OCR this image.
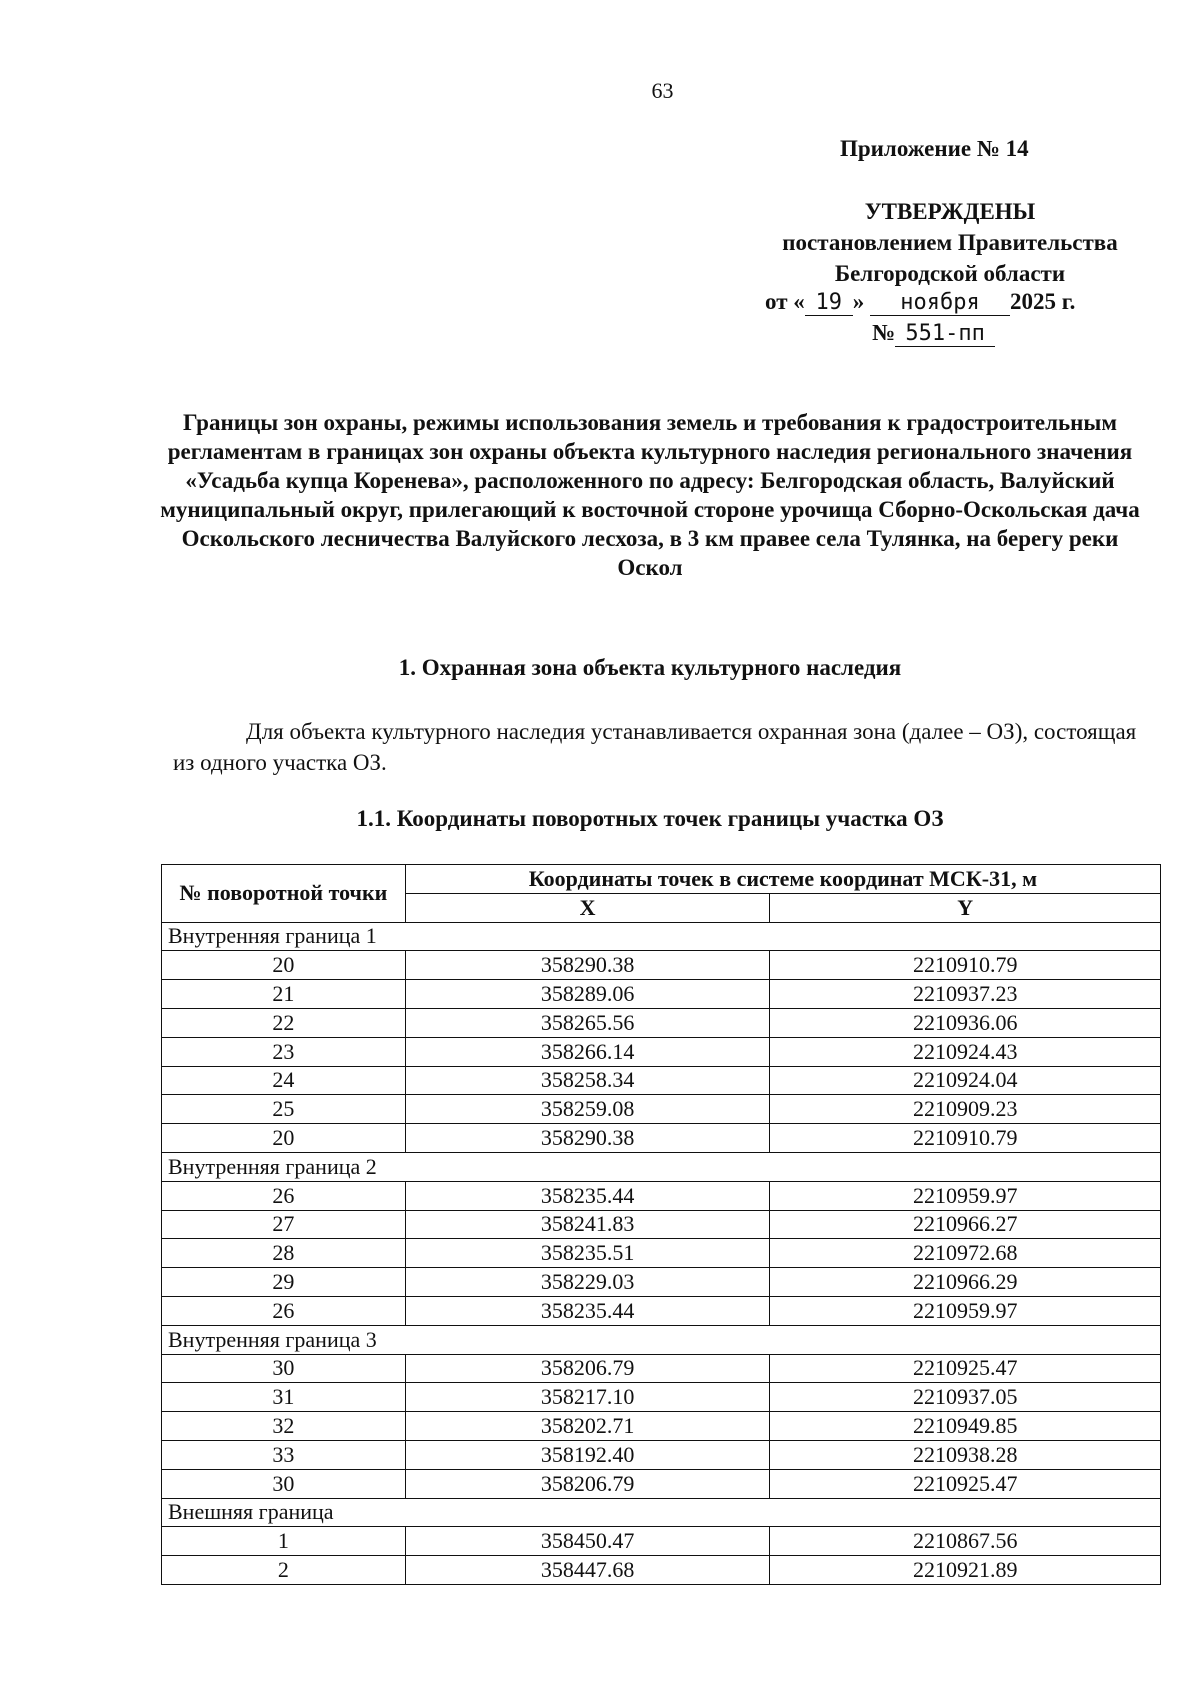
63
Приложение № 14
УТВЕРЖДЕНЫ
постановлением Правительства
Белгородской области
от « 19 » ноября 2025 г.
№ 551-пп
Границы зон охраны, режимы использования земель и требования к градостроительным регламентам в границах зон охраны объекта культурного наследия регионального значения «Усадьба купца Коренева», расположенного по адресу: Белгородская область, Валуйский муниципальный округ, прилегающий к восточной стороне урочища Сборно-Оскольская дача Оскольского лесничества Валуйского лесхоза, в 3 км правее села Тулянка, на берегу реки Оскол
1. Охранная зона объекта культурного наследия
Для объекта культурного наследия устанавливается охранная зона (далее – ОЗ), состоящая из одного участка ОЗ.
1.1. Координаты поворотных точек границы участка ОЗ
№ поворотной точки	Координаты точек в системе координат МСК-31, м	
	X	Y
Внутренняя граница 1		
20	358290.38	2210910.79
21	358289.06	2210937.23
22	358265.56	2210936.06
23	358266.14	2210924.43
24	358258.34	2210924.04
25	358259.08	2210909.23
20	358290.38	2210910.79
Внутренняя граница 2		
26	358235.44	2210959.97
27	358241.83	2210966.27
28	358235.51	2210972.68
29	358229.03	2210966.29
26	358235.44	2210959.97
Внутренняя граница 3		
30	358206.79	2210925.47
31	358217.10	2210937.05
32	358202.71	2210949.85
33	358192.40	2210938.28
30	358206.79	2210925.47
Внешняя граница		
1	358450.47	2210867.56
2	358447.68	2210921.89
